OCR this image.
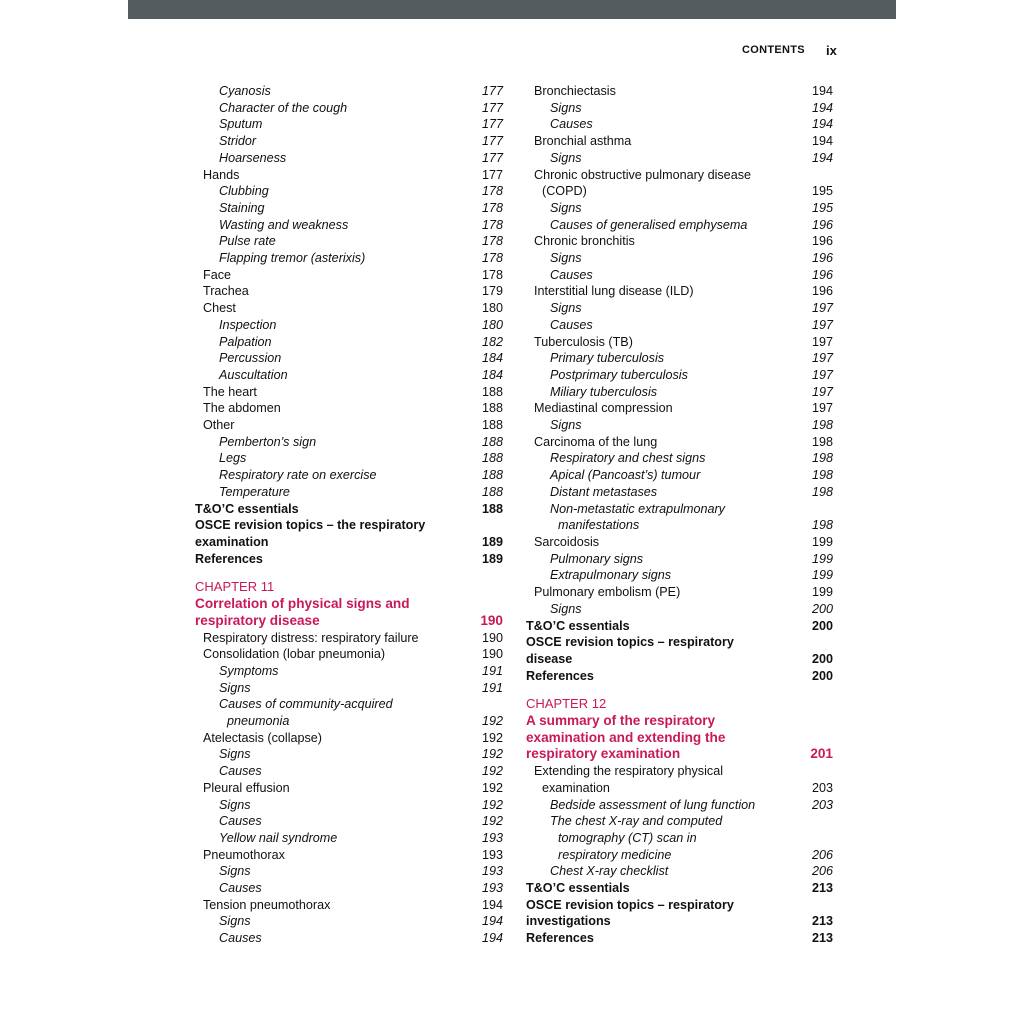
CONTENTS ix
Cyanosis	177
Character of the cough	177
Sputum	177
Stridor	177
Hoarseness	177
Hands	177
Clubbing	178
Staining	178
Wasting and weakness	178
Pulse rate	178
Flapping tremor (asterixis)	178
Face	178
Trachea	179
Chest	180
Inspection	180
Palpation	182
Percussion	184
Auscultation	184
The heart	188
The abdomen	188
Other	188
Pemberton’s sign	188
Legs	188
Respiratory rate on exercise	188
Temperature	188
T&O’C essentials	188
OSCE revision topics – the respiratory
examination	189
References	189
CHAPTER 11
Correlation of physical signs and
respiratory disease	190
Respiratory distress: respiratory failure	190
Consolidation (lobar pneumonia)	190
Symptoms	191
Signs	191
Causes of community-acquired
pneumonia	192
Atelectasis (collapse)	192
Signs	192
Causes	192
Pleural effusion	192
Signs	192
Causes	192
Yellow nail syndrome	193
Pneumothorax	193
Signs	193
Causes	193
Tension pneumothorax	194
Signs	194
Causes	194
Bronchiectasis	194
Signs	194
Causes	194
Bronchial asthma	194
Signs	194
Chronic obstructive pulmonary disease
(COPD)	195
Signs	195
Causes of generalised emphysema	196
Chronic bronchitis	196
Signs	196
Causes	196
Interstitial lung disease (ILD)	196
Signs	197
Causes	197
Tuberculosis (TB)	197
Primary tuberculosis	197
Postprimary tuberculosis	197
Miliary tuberculosis	197
Mediastinal compression	197
Signs	198
Carcinoma of the lung	198
Respiratory and chest signs	198
Apical (Pancoast’s) tumour	198
Distant metastases	198
Non-metastatic extrapulmonary
manifestations	198
Sarcoidosis	199
Pulmonary signs	199
Extrapulmonary signs	199
Pulmonary embolism (PE)	199
Signs	200
T&O’C essentials	200
OSCE revision topics – respiratory
disease	200
References	200
CHAPTER 12
A summary of the respiratory
examination and extending the
respiratory examination	201
Extending the respiratory physical
examination	203
Bedside assessment of lung function	203
The chest X-ray and computed
tomography (CT) scan in
respiratory medicine	206
Chest X-ray checklist	206
T&O’C essentials	213
OSCE revision topics – respiratory
investigations	213
References	213
